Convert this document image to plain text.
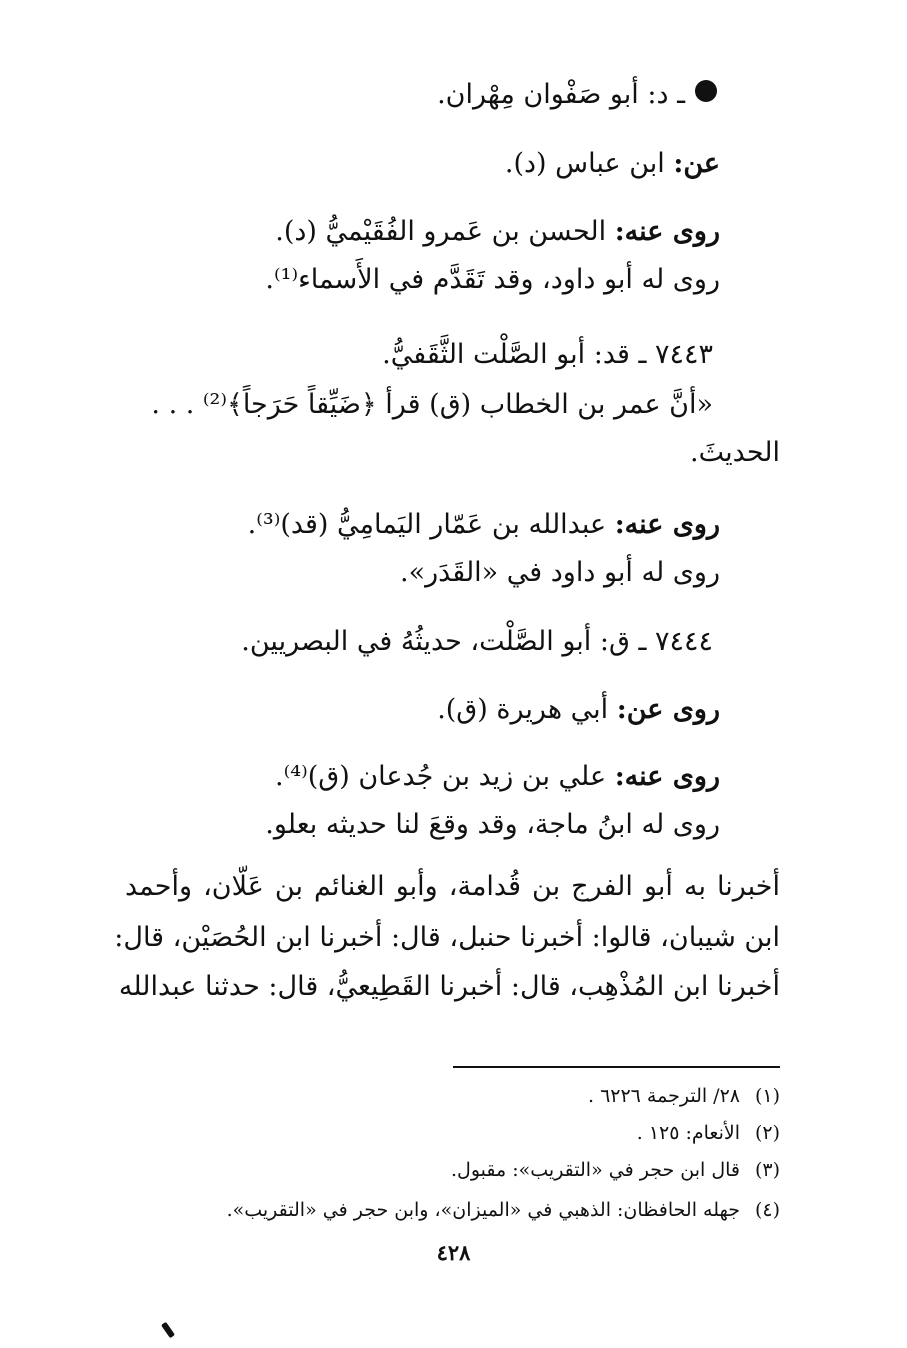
ـ د: أبو صَفْوان مِهْران.
عن: ابن عباس (د).
روى عنه: الحسن بن عَمرو الفُقَيْميُّ (د).
روى له أبو داود، وقد تَقَدَّم في الأَسماء⁽¹⁾.
٧٤٤٣ ـ قد: أبو الصَّلْت الثَّقَفيُّ.
«أنَّ عمر بن الخطاب (ق) قرأ ﴿ضَيِّقاً حَرَجاً﴾⁽²⁾ . . .
الحديثَ.
روى عنه: عبدالله بن عَمّار اليَمامِيُّ (قد)⁽³⁾.
روى له أبو داود في «القَدَر».
٧٤٤٤ ـ ق: أبو الصَّلْت، حديثُهُ في البصريين.
روى عن: أبي هريرة (ق).
روى عنه: علي بن زيد بن جُدعان (ق)⁽⁴⁾.
روى له ابنُ ماجة، وقد وقعَ لنا حديثه بعلو.
أخبرنا به أبو الفرج بن قُدامة، وأبو الغنائم بن عَلّان، وأحمد
ابن شيبان، قالوا: أخبرنا حنبل، قال: أخبرنا ابن الحُصَيْن، قال:
أخبرنا ابن المُذْهِب، قال: أخبرنا القَطِيعيُّ، قال: حدثنا عبدالله
(١)٢٨/ الترجمة ٦٢٢٦ .
(٢)الأنعام: ١٢٥ .
(٣)قال ابن حجر في «التقريب»: مقبول.
(٤)جهله الحافظان: الذهبي في «الميزان»، وابن حجر في «التقريب».
٤٢٨
